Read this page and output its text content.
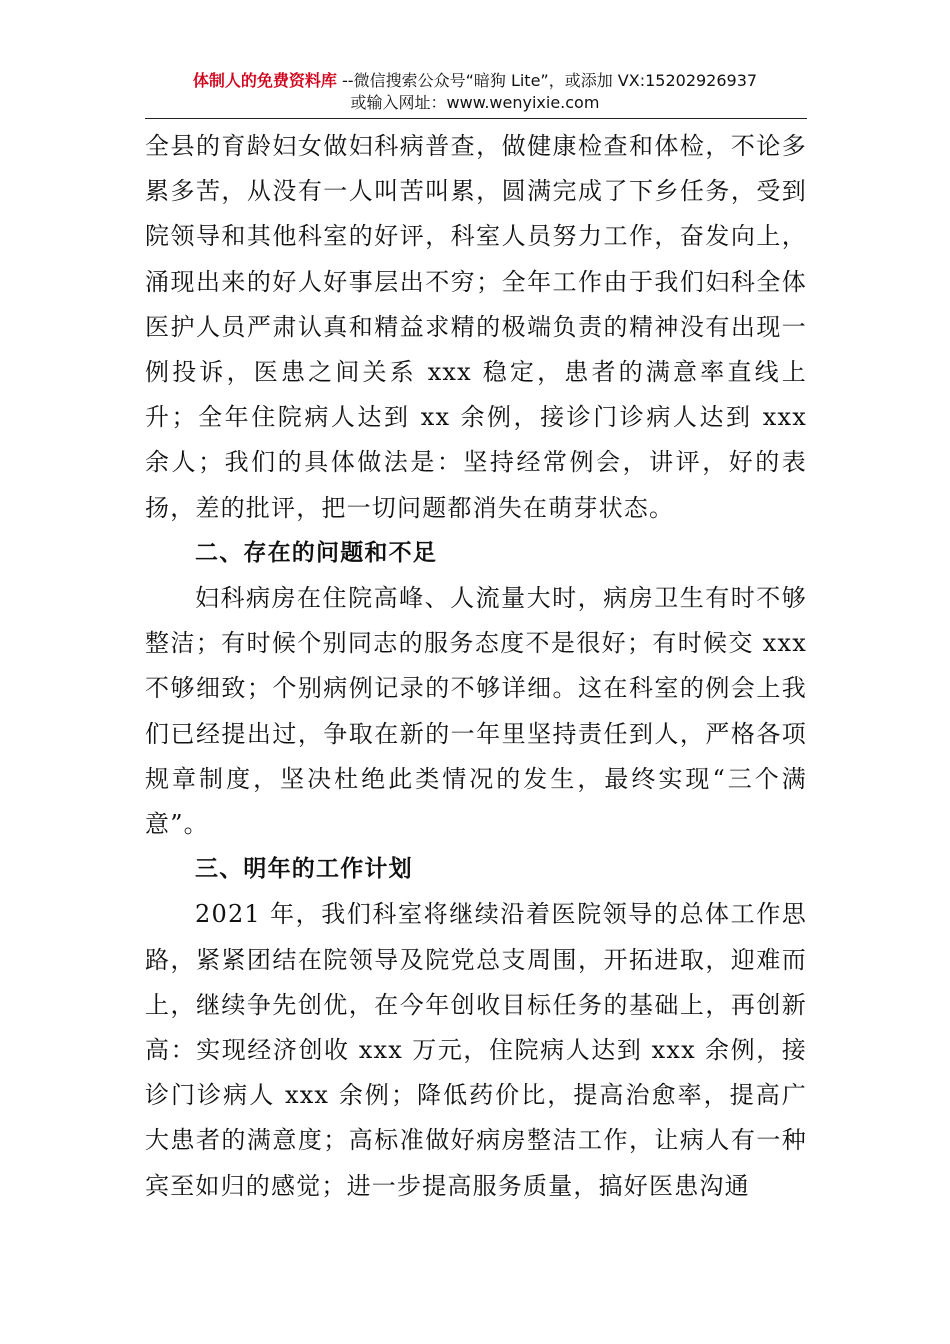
体制人的免费资料库 --微信搜索公众号“暗狗 Lite”，或添加 VX:15202926937
或输入网址：www.wenyixie.com

全县的育龄妇女做妇科病普查，做健康检查和体检，不论多累多苦，从没有一人叫苦叫累，圆满完成了下乡任务，受到院领导和其他科室的好评，科室人员努力工作，奋发向上，涌现出来的好人好事层出不穷；全年工作由于我们妇科全体医护人员严肃认真和精益求精的极端负责的精神没有出现一例投诉，医患之间关系 xxx 稳定，患者的满意率直线上升；全年住院病人达到 xx 余例，接诊门诊病人达到 xxx 余人；我们的具体做法是：坚持经常例会，讲评，好的表扬，差的批评，把一切问题都消失在萌芽状态。

二、存在的问题和不足

妇科病房在住院高峰、人流量大时，病房卫生有时不够整洁；有时候个别同志的服务态度不是很好；有时候交 xxx 不够细致；个别病例记录的不够详细。这在科室的例会上我们已经提出过，争取在新的一年里坚持责任到人，严格各项规章制度，坚决杜绝此类情况的发生，最终实现“三个满意”。

三、明年的工作计划

2021 年，我们科室将继续沿着医院领导的总体工作思路，紧紧团结在院领导及院党总支周围，开拓进取，迎难而上，继续争先创优，在今年创收目标任务的基础上，再创新高：实现经济创收 xxx 万元，住院病人达到 xxx 余例，接诊门诊病人 xxx 余例；降低药价比，提高治愈率，提高广大患者的满意度；高标准做好病房整洁工作，让病人有一种宾至如归的感觉；进一步提高服务质量，搞好医患沟通
